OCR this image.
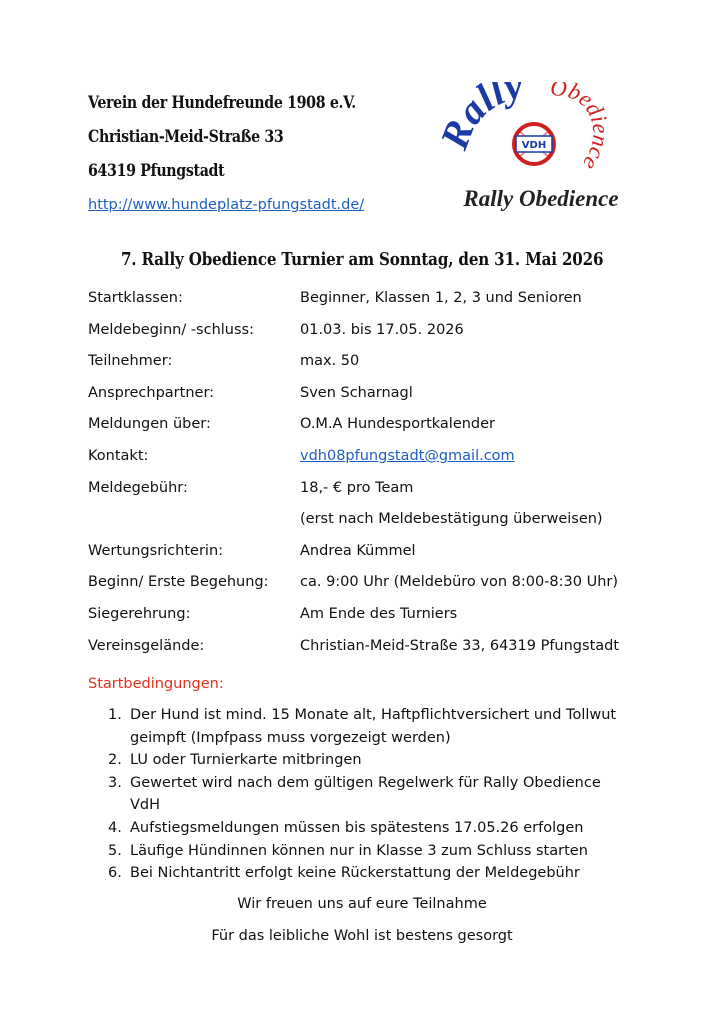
Verein der Hundefreunde 1908 e.V.
Christian-Meid-Straße 33
64319 Pfungstadt
http://www.hundeplatz-pfungstadt.de/
ally Obedience
VDH
Rally Obedience
7. Rally Obedience Turnier am Sonntag, den 31. Mai 2026
Startklassen:	Beginner, Klassen 1, 2, 3 und Senioren
Meldebeginn/ -schluss:	01.03. bis 17.05. 2026
Teilnehmer:	max. 50
Ansprechpartner:	Sven Scharnagl
Meldungen über:	O.M.A Hundesportkalender
Kontakt:	vdh08pfungstadt@gmail.com
Meldegebühr:	18,- € pro Team
(erst nach Meldebestätigung überweisen)
Wertungsrichterin:	Andrea Kümmel
Beginn/ Erste Begehung: ca. 9:00 Uhr (Meldebüro von 8:00-8:30 Uhr)
Siegerehrung:	Am Ende des Turniers
Vereinsgelände:	Christian-Meid-Straße 33, 64319 Pfungstadt
Startbedingungen:
1. Der Hund ist mind. 15 Monate alt, Haftpflichtversichert und Tollwut geimpft (Impfpass muss vorgezeigt werden)
2. LU oder Turnierkarte mitbringen
3. Gewertet wird nach dem gültigen Regelwerk für Rally Obedience VdH
4. Aufstiegsmeldungen müssen bis spätestens 17.05.26 erfolgen
5. Läufige Hündinnen können nur in Klasse 3 zum Schluss starten
6. Bei Nichtantritt erfolgt keine Rückerstattung der Meldegebühr
Wir freuen uns auf eure Teilnahme
Für das leibliche Wohl ist bestens gesorgt
